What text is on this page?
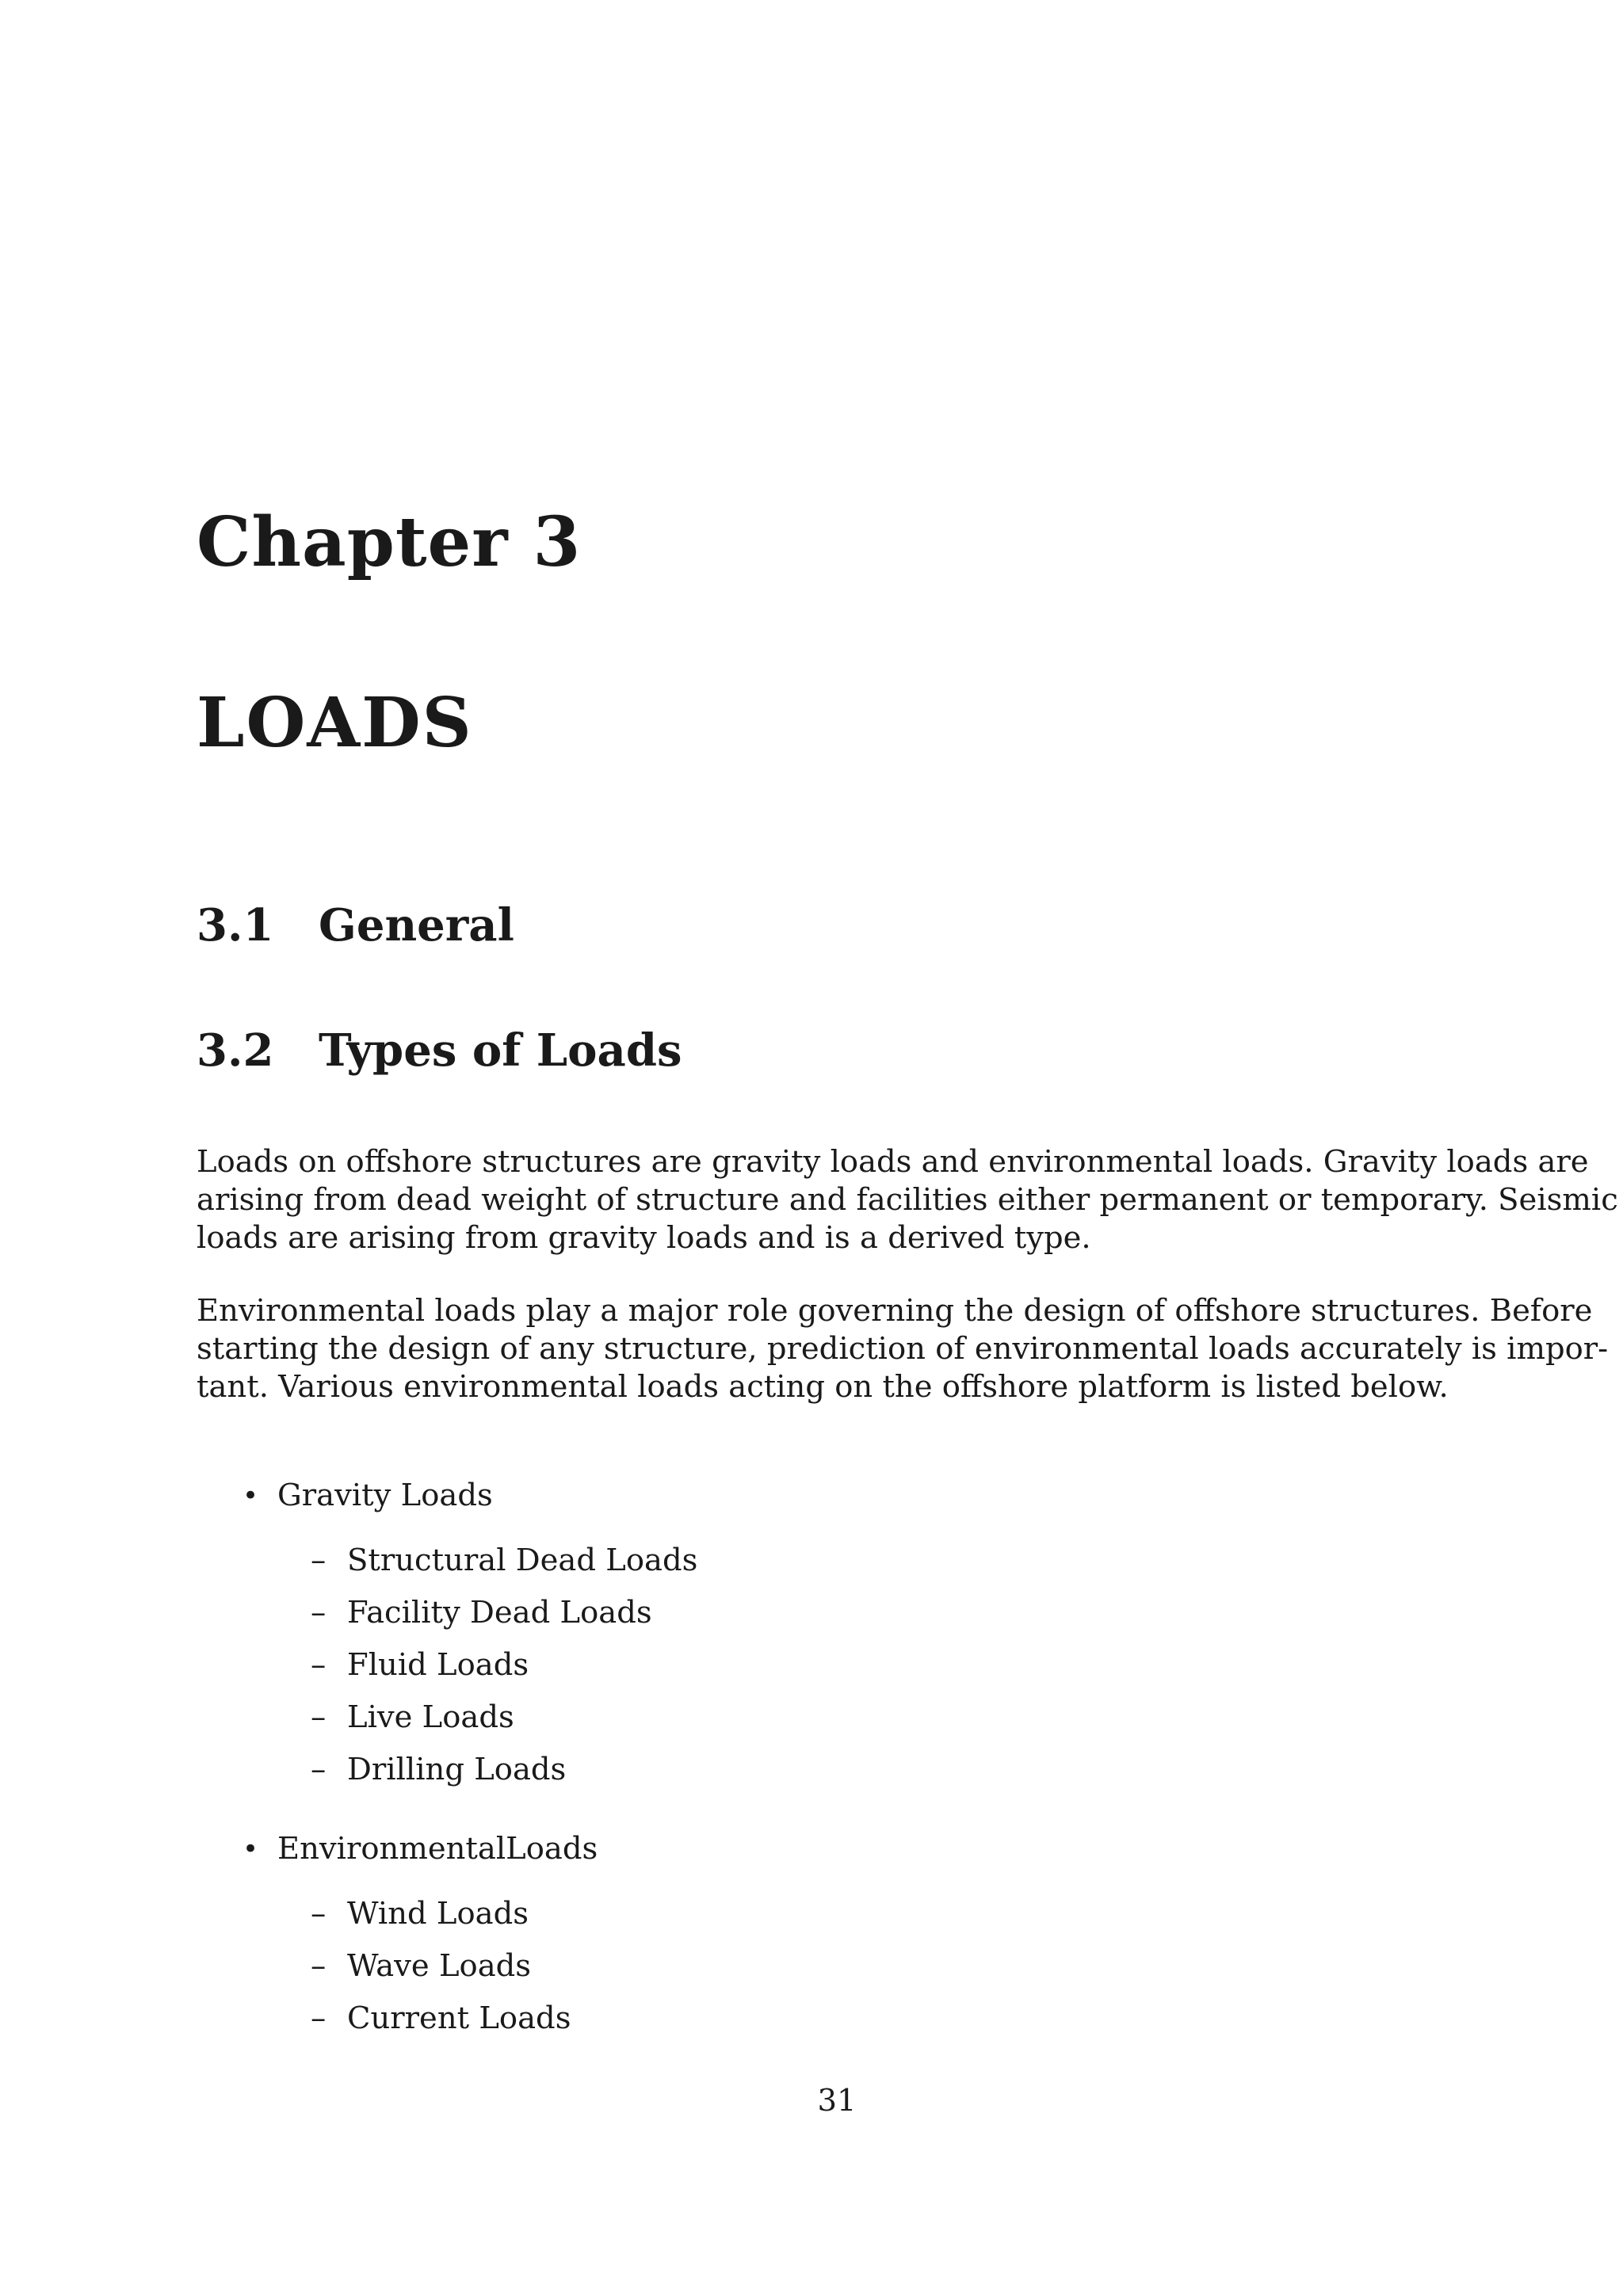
Chapter 3
LOADS
3.1 General
3.2 Types of Loads
Loads on offshore structures are gravity loads and environmental loads. Gravity loads are
arising from dead weight of structure and facilities either permanent or temporary. Seismic
loads are arising from gravity loads and is a derived type.
Environmental loads play a major role governing the design of offshore structures. Before
starting the design of any structure, prediction of environmental loads accurately is impor-
tant. Various environmental loads acting on the offshore platform is listed below.
• Gravity Loads
– Structural Dead Loads
– Facility Dead Loads
– Fluid Loads
– Live Loads
– Drilling Loads
• EnvironmentalLoads
– Wind Loads
– Wave Loads
– Current Loads
31
